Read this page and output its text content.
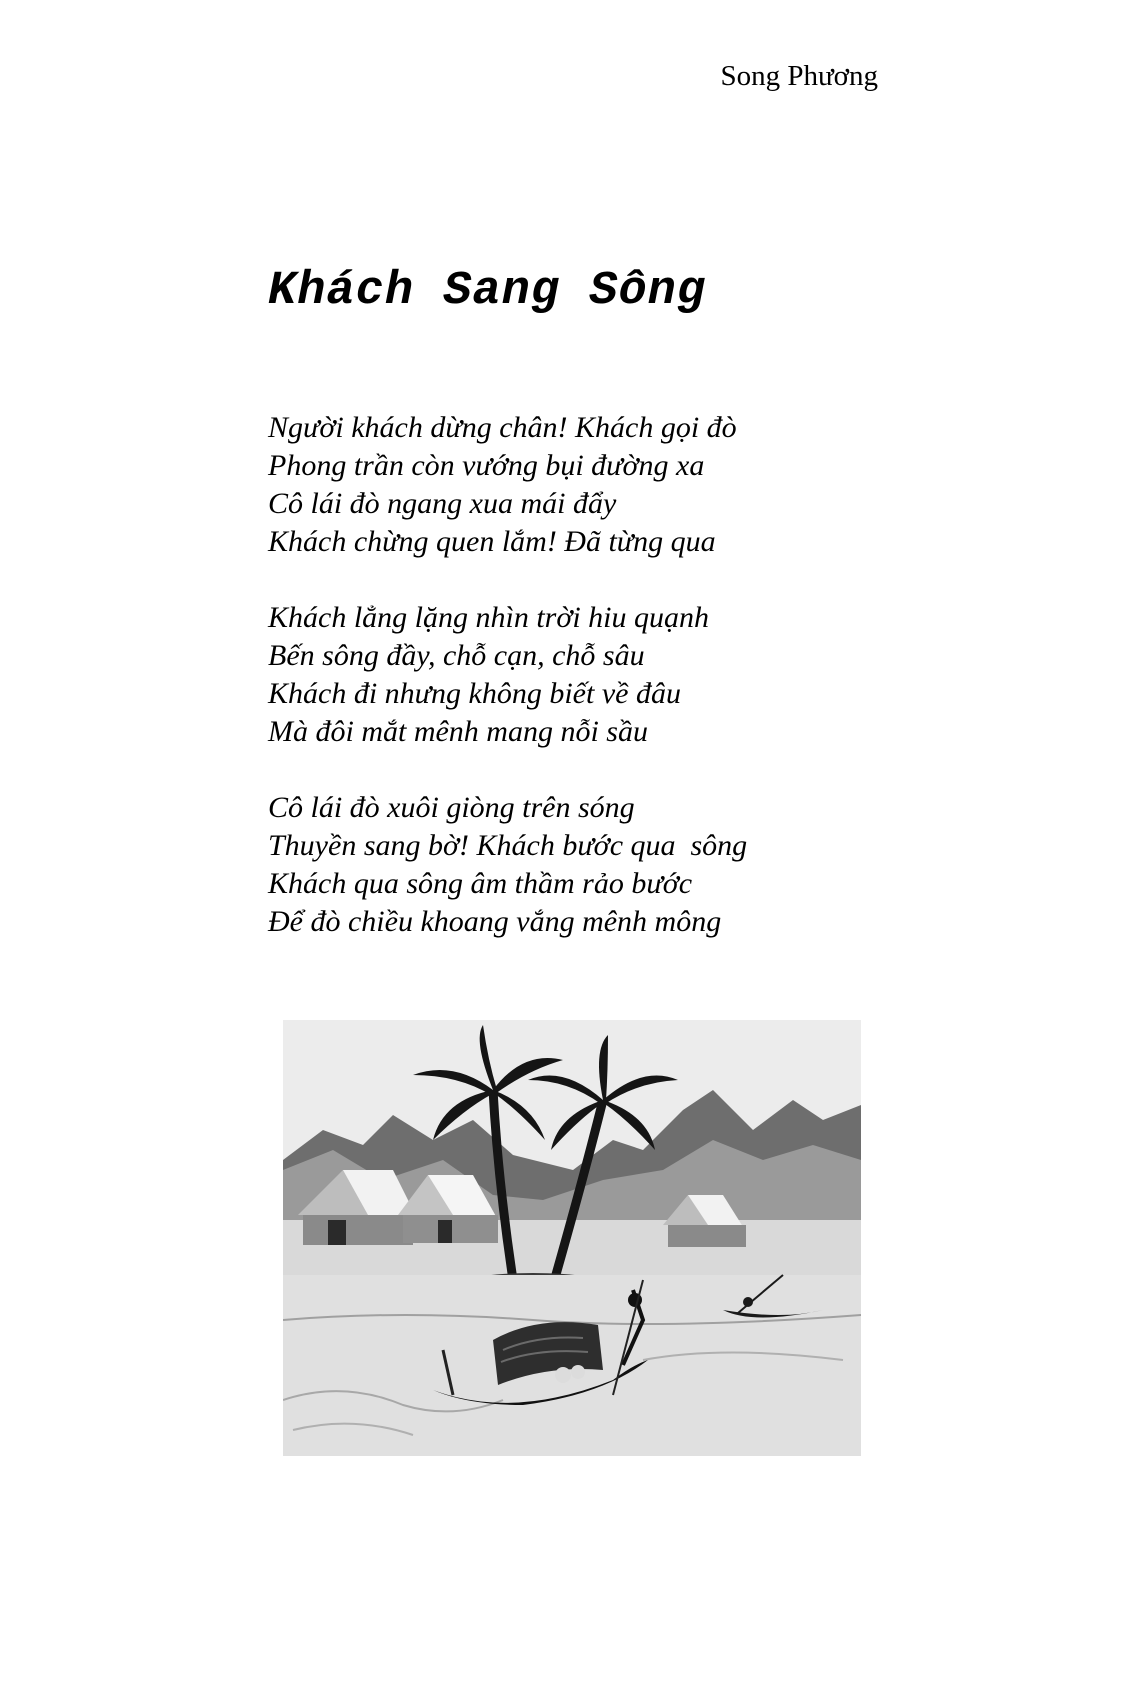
Song Phương

Khách Sang Sông
Người khách dừng chân! Khách gọi đò
Phong trần còn vướng bụi đường xa
Cô lái đò ngang xua mái đẩy
Khách chừng quen lắm! Đã từng qua
Khách lẳng lặng nhìn trời hiu quạnh
Bến sông đầy, chỗ cạn, chỗ sâu
Khách đi nhưng không biết về đâu
Mà đôi mắt mênh mang nỗi sầu
Cô lái đò xuôi giòng trên sóng
Thuyền sang bờ! Khách bước qua  sông
Khách qua sông âm thầm rảo bước
Để đò chiều khoang vắng mênh mông
